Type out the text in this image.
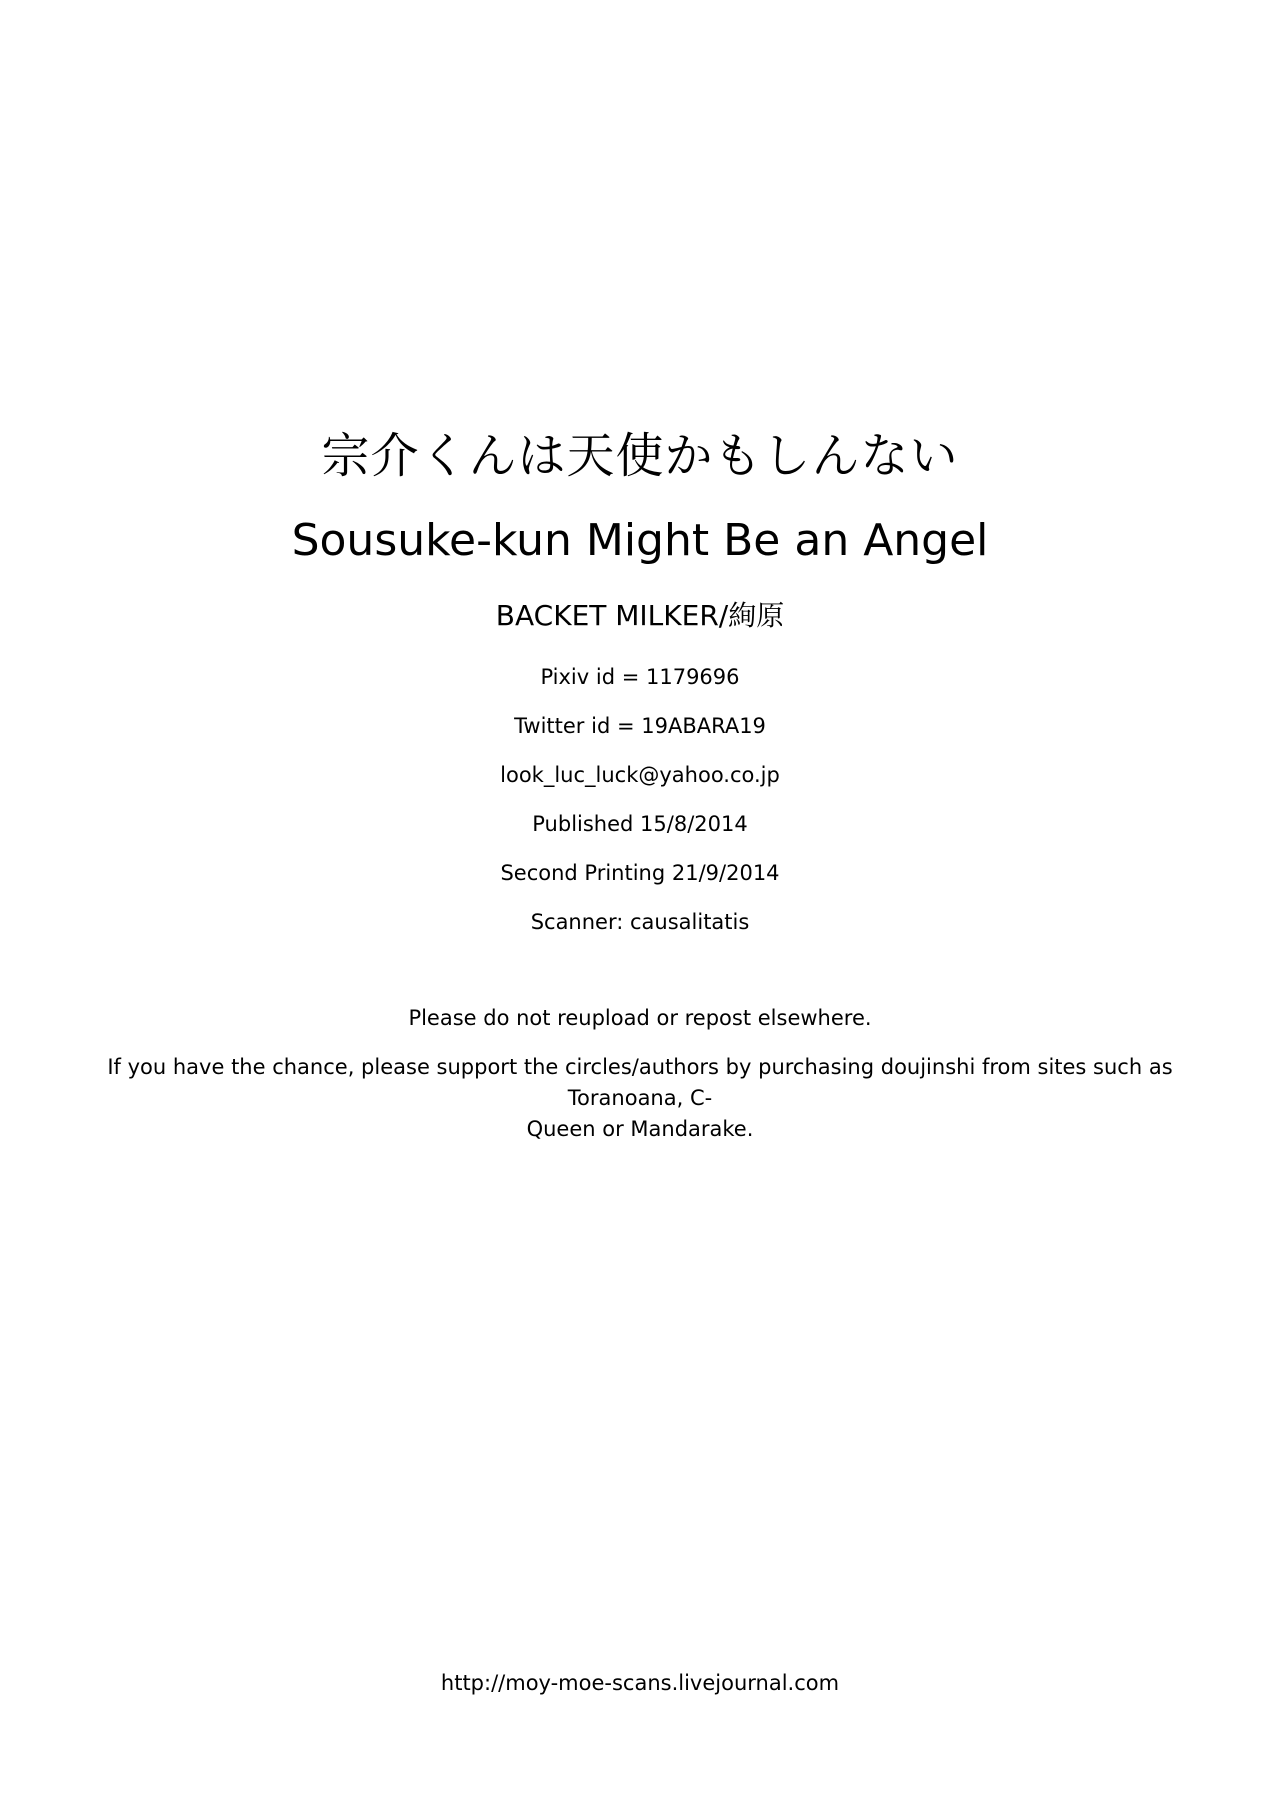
宗介くんは天使かもしんない
Sousuke-kun Might Be an Angel
BACKET MILKER/絢原
Pixiv id = 1179696
Twitter id = 19ABARA19
look_luc_luck@yahoo.co.jp
Published 15/8/2014
Second Printing 21/9/2014
Scanner: causalitatis
Please do not reupload or repost elsewhere.
If you have the chance, please support the circles/authors by purchasing doujinshi from sites such as Toranoana, C-
Queen or Mandarake.
http://moy-moe-scans.livejournal.com
